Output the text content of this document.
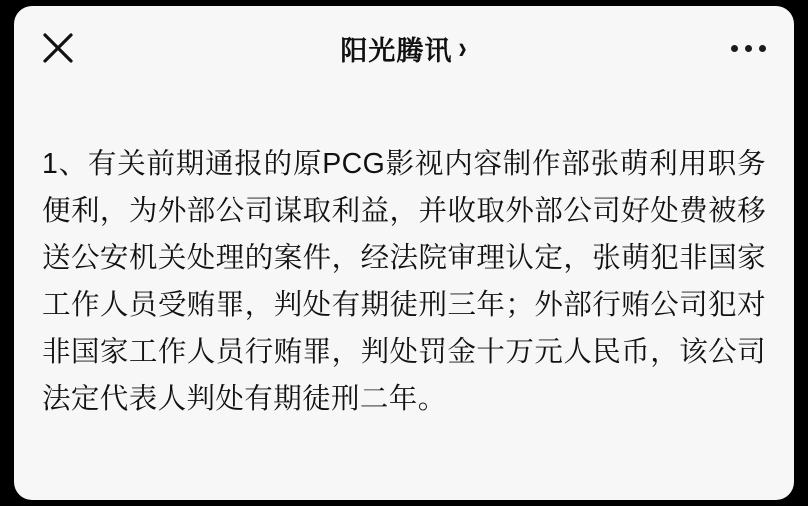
阳光腾讯 ›

1、有关前期通报的原PCG影视内容制作部张萌利用职务便利，为外部公司谋取利益，并收取外部公司好处费被移送公安机关处理的案件，经法院审理认定，张萌犯非国家工作人员受贿罪，判处有期徒刑三年；外部行贿公司犯对非国家工作人员行贿罪，判处罚金十万元人民币，该公司法定代表人判处有期徒刑二年。
